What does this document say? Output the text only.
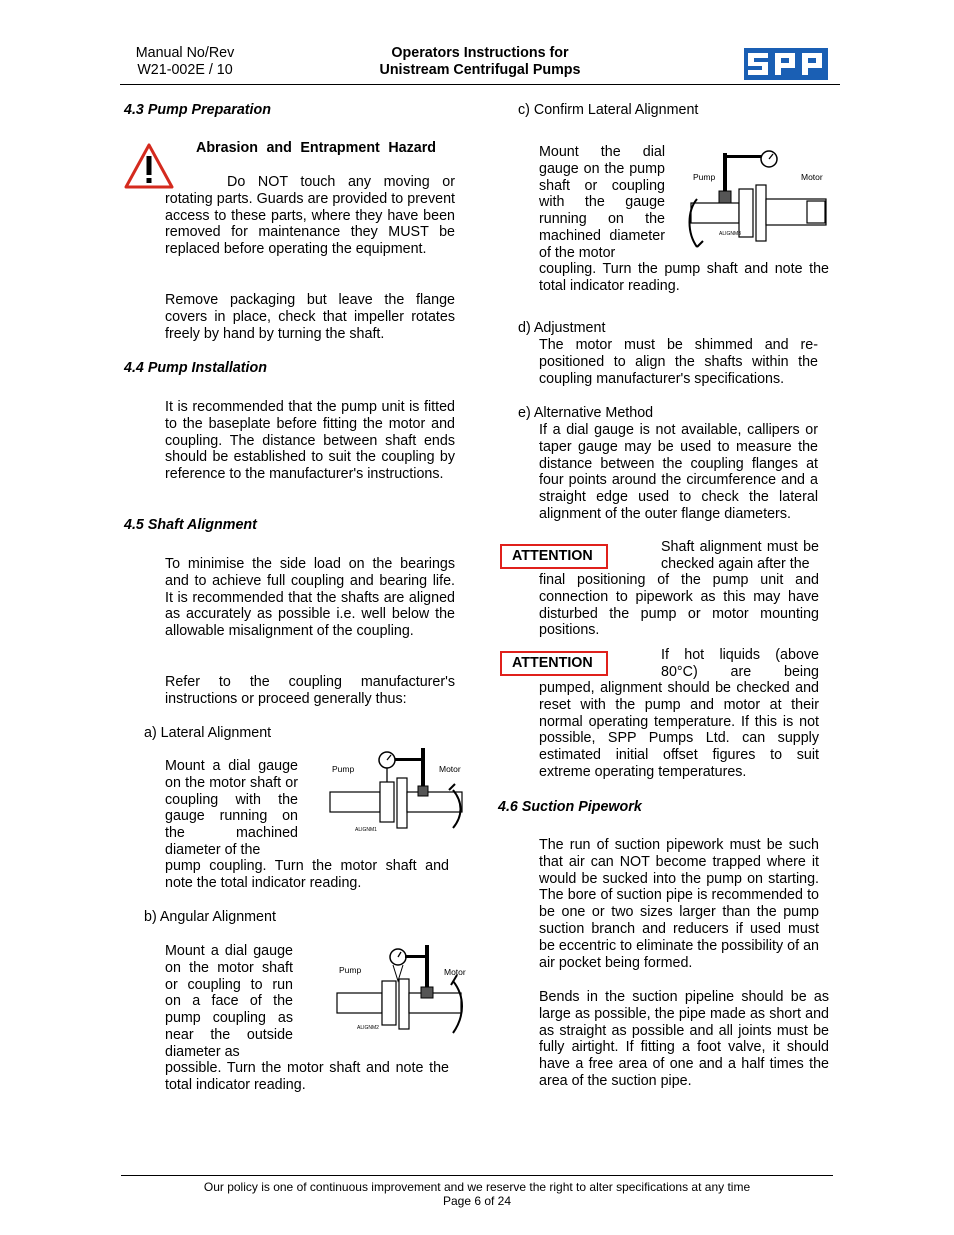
Manual No/Rev
W21-002E / 10
Operators Instructions for
Unistream Centrifugal Pumps
4.3 Pump Preparation
Abrasion and Entrapment Hazard
Do NOT touch any moving or rotating parts. Guards are provided to prevent access to these parts, where they have been removed for maintenance they MUST be replaced before operating the equipment.
Remove packaging but leave the flange covers in place, check that impeller rotates freely by hand by turning the shaft.
4.4 Pump Installation
It is recommended that the pump unit is fitted to the baseplate before fitting the motor and coupling. The distance between shaft ends should be established to suit the coupling by reference to the manufacturer's instructions.
4.5 Shaft Alignment
To minimise the side load on the bearings and to achieve full coupling and bearing life. It is recommended that the shafts are aligned as accurately as possible i.e. well below the allowable misalignment of the coupling.
Refer to the coupling manufacturer's instructions or proceed generally thus:
a) Lateral Alignment
Mount a dial gauge on the motor shaft or coupling with the gauge running on the machined diameter of the
pump coupling. Turn the motor shaft and note the total indicator reading.
Pump	Motor
ALIGNM1
b) Angular Alignment
Mount a dial gauge on the motor shaft or coupling to run on a face of the pump coupling as near the outside diameter as
possible. Turn the motor shaft and note the total indicator reading.
Pump	Motor
ALIGNM2
c) Confirm Lateral Alignment
Mount the dial gauge on the pump shaft or coupling with the gauge running on the machined diameter of the motor
coupling. Turn the pump shaft and note the total indicator reading.
Pump	Motor
ALIGNM3
d) Adjustment
The motor must be shimmed and re-positioned to align the shafts within the coupling manufacturer's specifications.
e) Alternative Method
If a dial gauge is not available, callipers or taper gauge may be used to measure the distance between the coupling flanges at four points around the circumference and a straight edge used to check the lateral alignment of the outer flange diameters.
ATTENTION
Shaft alignment must be checked again after the
final positioning of the pump unit and connection to pipework as this may have disturbed the pump or motor mounting positions.
ATTENTION	If hot liquids (above 80°C) are being
pumped, alignment should be checked and reset with the pump and motor at their normal operating temperature. If this is not possible, SPP Pumps Ltd. can supply estimated initial offset figures to suit extreme operating temperatures.
4.6 Suction Pipework
The run of suction pipework must be such that air can NOT become trapped where it would be sucked into the pump on starting. The bore of suction pipe is recommended to be one or two sizes larger than the pump suction branch and reducers if used must be eccentric to eliminate the possibility of an air pocket being formed.
Bends in the suction pipeline should be as large as possible, the pipe made as short and as straight as possible and all joints must be fully airtight. If fitting a foot valve, it should have a free area of one and a half times the area of the suction pipe.
Our policy is one of continuous improvement and we reserve the right to alter specifications at any time
Page 6 of 24
